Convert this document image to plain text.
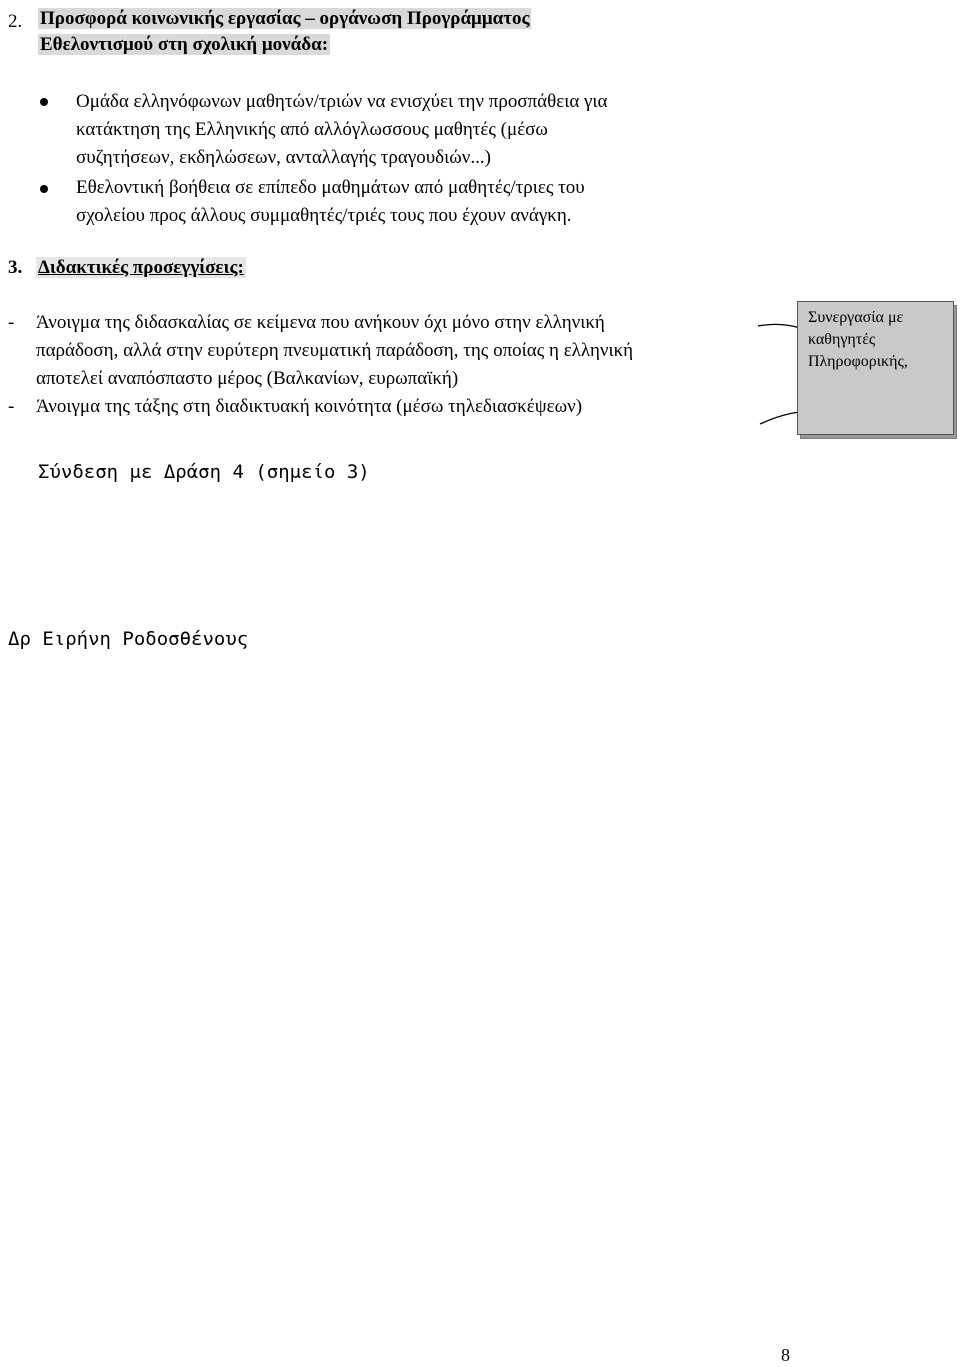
2. Προσφορά κοινωνικής εργασίας – οργάνωση Προγράμματος
Εθελοντισμού στη σχολική μονάδα:
Ομάδα ελληνόφωνων μαθητών/τριών να ενισχύει την προσπάθεια για
κατάκτηση της Ελληνικής από αλλόγλωσσους μαθητές (μέσω
συζητήσεων, εκδηλώσεων, ανταλλαγής τραγουδιών...)
Εθελοντική βοήθεια σε επίπεδο μαθημάτων από μαθητές/τριες του
σχολείου προς άλλους συμμαθητές/τριές τους που έχουν ανάγκη.
3. Διδακτικές προσεγγίσεις:
- Άνοιγμα της διδασκαλίας σε κείμενα που ανήκουν όχι μόνο στην ελληνική
παράδοση, αλλά στην ευρύτερη πνευματική παράδοση, της οποίας η ελληνική
αποτελεί αναπόσπαστο μέρος (Βαλκανίων, ευρωπαϊκή)
- Άνοιγμα της τάξης στη διαδικτυακή κοινότητα (μέσω τηλεδιασκέψεων)
Συνεργασία με
καθηγητές
Πληροφορικής,
Σύνδεση με Δράση 4 (σημείο 3)
Δρ Ειρήνη Ροδοσθένους
8
